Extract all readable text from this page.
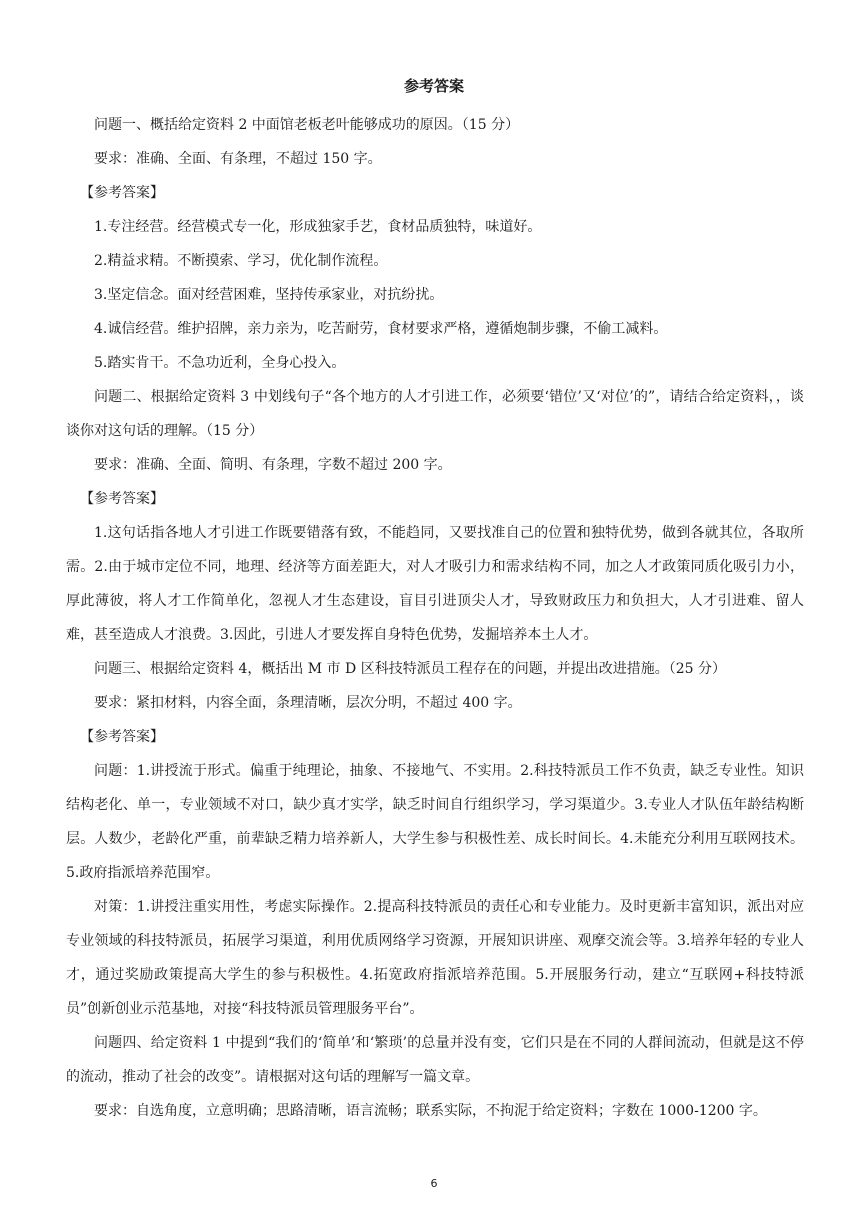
参考答案

问题一、概括给定资料 2 中面馆老板老叶能够成功的原因。（15 分）

要求：准确、全面、有条理，不超过 150 字。

【参考答案】

1.专注经营。经营模式专一化，形成独家手艺，食材品质独特，味道好。

2.精益求精。不断摸索、学习，优化制作流程。

3.坚定信念。面对经营困难，坚持传承家业，对抗纷扰。

4.诚信经营。维护招牌，亲力亲为，吃苦耐劳，食材要求严格，遵循炮制步骤，不偷工减料。

5.踏实肯干。不急功近利，全身心投入。

问题二、根据给定资料 3 中划线句子“各个地方的人才引进工作，必须要‘错位’又‘对位’的”，请结合给定资料，，谈谈你对这句话的理解。（15 分）

要求：准确、全面、简明、有条理，字数不超过 200 字。

【参考答案】

1.这句话指各地人才引进工作既要错落有致，不能趋同，又要找准自己的位置和独特优势，做到各就其位，各取所需。2.由于城市定位不同，地理、经济等方面差距大，对人才吸引力和需求结构不同，加之人才政策同质化吸引力小，厚此薄彼，将人才工作简单化，忽视人才生态建设，盲目引进顶尖人才，导致财政压力和负担大，人才引进难、留人难，甚至造成人才浪费。3.因此，引进人才要发挥自身特色优势，发掘培养本土人才。

问题三、根据给定资料 4，概括出 M 市 D 区科技特派员工程存在的问题，并提出改进措施。（25 分）

要求：紧扣材料，内容全面，条理清晰，层次分明，不超过 400 字。

【参考答案】

问题：1.讲授流于形式。偏重于纯理论，抽象、不接地气、不实用。2.科技特派员工作不负责，缺乏专业性。知识结构老化、单一，专业领域不对口，缺少真才实学，缺乏时间自行组织学习，学习渠道少。3.专业人才队伍年龄结构断层。人数少，老龄化严重，前辈缺乏精力培养新人，大学生参与积极性差、成长时间长。4.未能充分利用互联网技术。5.政府指派培养范围窄。

对策：1.讲授注重实用性，考虑实际操作。2.提高科技特派员的责任心和专业能力。及时更新丰富知识，派出对应专业领域的科技特派员，拓展学习渠道，利用优质网络学习资源，开展知识讲座、观摩交流会等。3.培养年轻的专业人才，通过奖励政策提高大学生的参与积极性。4.拓宽政府指派培养范围。5.开展服务行动，建立“互联网+科技特派员”创新创业示范基地，对接“科技特派员管理服务平台”。

问题四、给定资料 1 中提到“我们的‘简单’和‘繁琐’的总量并没有变，它们只是在不同的人群间流动，但就是这不停的流动，推动了社会的改变”。请根据对这句话的理解写一篇文章。

要求：自选角度，立意明确；思路清晰，语言流畅；联系实际，不拘泥于给定资料；字数在 1000-1200 字。

6
